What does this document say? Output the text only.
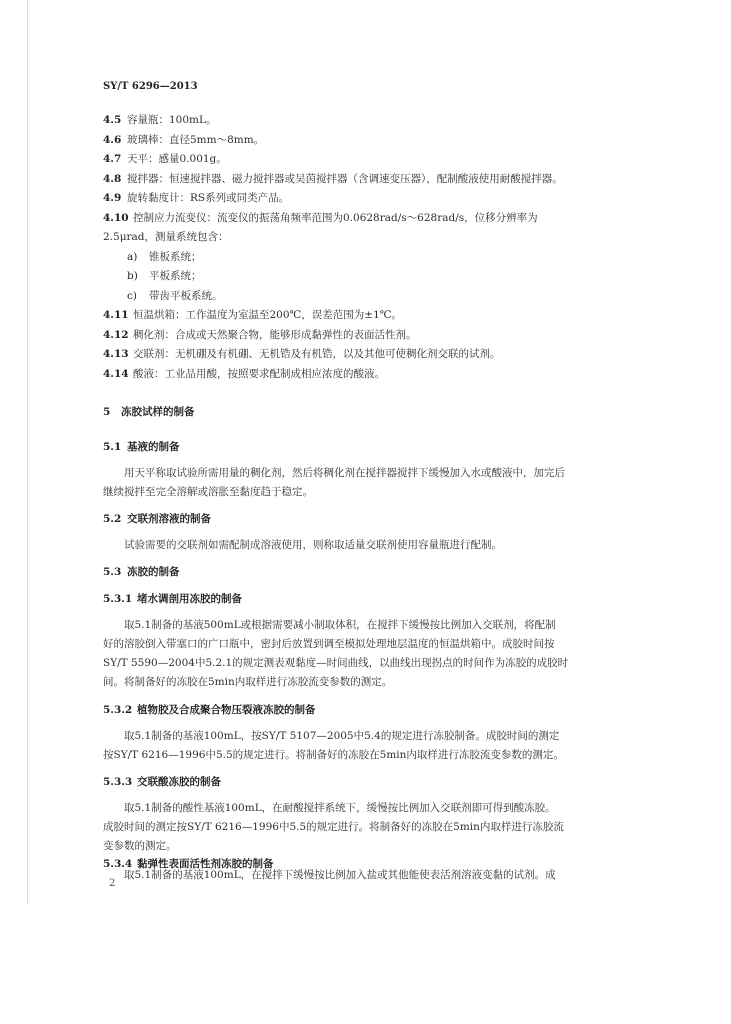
SY/T 6296—2013
4.5 容量瓶：100mL。
4.6 玻璃棒：直径5mm～8mm。
4.7 天平：感量0.001g。
4.8 搅拌器：恒速搅拌器、磁力搅拌器或吴茵搅拌器（含调速变压器），配制酸液使用耐酸搅拌器。
4.9 旋转黏度计：RS系列或同类产品。
4.10 控制应力流变仪：流变仪的振荡角频率范围为0.0628rad/s～628rad/s，位移分辨率为
2.5μrad，测量系统包含：
a) 锥板系统；
b) 平板系统；
c) 带齿平板系统。
4.11 恒温烘箱：工作温度为室温至200℃，误差范围为±1℃。
4.12 稠化剂：合成或天然聚合物，能够形成黏弹性的表面活性剂。
4.13 交联剂：无机硼及有机硼、无机锆及有机锆，以及其他可使稠化剂交联的试剂。
4.14 酸液：工业品用酸，按照要求配制成相应浓度的酸液。
5 冻胶试样的制备
5.1 基液的制备
用天平称取试验所需用量的稠化剂，然后将稠化剂在搅拌器搅拌下缓慢加入水或酸液中，加完后
继续搅拌至完全溶解或溶胀至黏度趋于稳定。
5.2 交联剂溶液的制备
试验需要的交联剂如需配制成溶液使用，则称取适量交联剂使用容量瓶进行配制。
5.3 冻胶的制备
5.3.1 堵水调剖用冻胶的制备
取5.1制备的基液500mL或根据需要减小制取体积，在搅拌下缓慢按比例加入交联剂，将配制
好的溶胶倒入带塞口的广口瓶中，密封后放置到调至模拟处理地层温度的恒温烘箱中。成胶时间按
SY/T 5590—2004中5.2.1的规定测表观黏度—时间曲线，以曲线出现拐点的时间作为冻胶的成胶时
间。将制备好的冻胶在5min内取样进行冻胶流变参数的测定。
5.3.2 植物胶及合成聚合物压裂液冻胶的制备
取5.1制备的基液100mL，按SY/T 5107—2005中5.4的规定进行冻胶制备。成胶时间的测定
按SY/T 6216—1996中5.5的规定进行。将制备好的冻胶在5min内取样进行冻胶流变参数的测定。
5.3.3 交联酸冻胶的制备
取5.1制备的酸性基液100mL，在耐酸搅拌系统下，缓慢按比例加入交联剂即可得到酸冻胶。
成胶时间的测定按SY/T 6216—1996中5.5的规定进行。将制备好的冻胶在5min内取样进行冻胶流
变参数的测定。
5.3.4 黏弹性表面活性剂冻胶的制备
取5.1制备的基液100mL，在搅拌下缓慢按比例加入盐或其他能使表活剂溶液变黏的试剂。成
2
